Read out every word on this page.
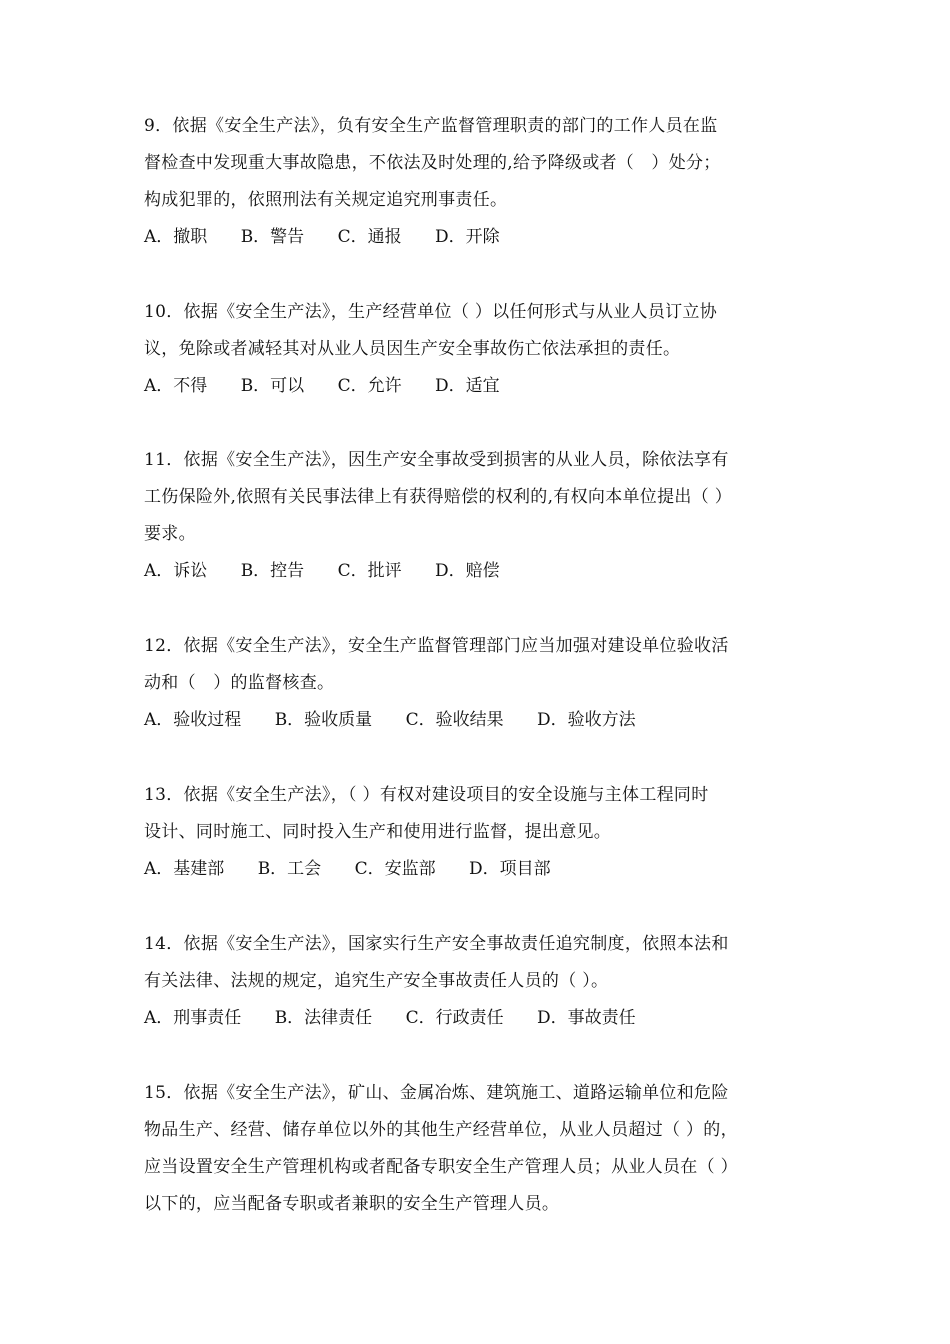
9．依据《安全生产法》，负有安全生产监督管理职责的部门的工作人员在监
督检查中发现重大事故隐患，不依法及时处理的,给予降级或者（　）处分；
构成犯罪的，依照刑法有关规定追究刑事责任。
A．撤职 B．警告 C．通报 D．开除
10．依据《安全生产法》，生产经营单位（ ）以任何形式与从业人员订立协
议，免除或者减轻其对从业人员因生产安全事故伤亡依法承担的责任。
A．不得 B．可以 C．允许 D．适宜
11．依据《安全生产法》，因生产安全事故受到损害的从业人员，除依法享有
工伤保险外,依照有关民事法律上有获得赔偿的权利的,有权向本单位提出（ ）
要求。
A．诉讼 B．控告 C．批评 D．赔偿
12．依据《安全生产法》，安全生产监督管理部门应当加强对建设单位验收活
动和（　）的监督核查。
A．验收过程 B．验收质量 C．验收结果 D．验收方法
13．依据《安全生产法》，（ ）有权对建设项目的安全设施与主体工程同时
设计、同时施工、同时投入生产和使用进行监督，提出意见。
A．基建部 B．工会 C．安监部 D．项目部
14．依据《安全生产法》，国家实行生产安全事故责任追究制度，依照本法和
有关法律、法规的规定，追究生产安全事故责任人员的（ ）。
A．刑事责任 B．法律责任 C．行政责任 D．事故责任
15．依据《安全生产法》，矿山、金属冶炼、建筑施工、道路运输单位和危险
物品生产、经营、储存单位以外的其他生产经营单位，从业人员超过（ ）的，
应当设置安全生产管理机构或者配备专职安全生产管理人员；从业人员在（ ）
以下的，应当配备专职或者兼职的安全生产管理人员。
